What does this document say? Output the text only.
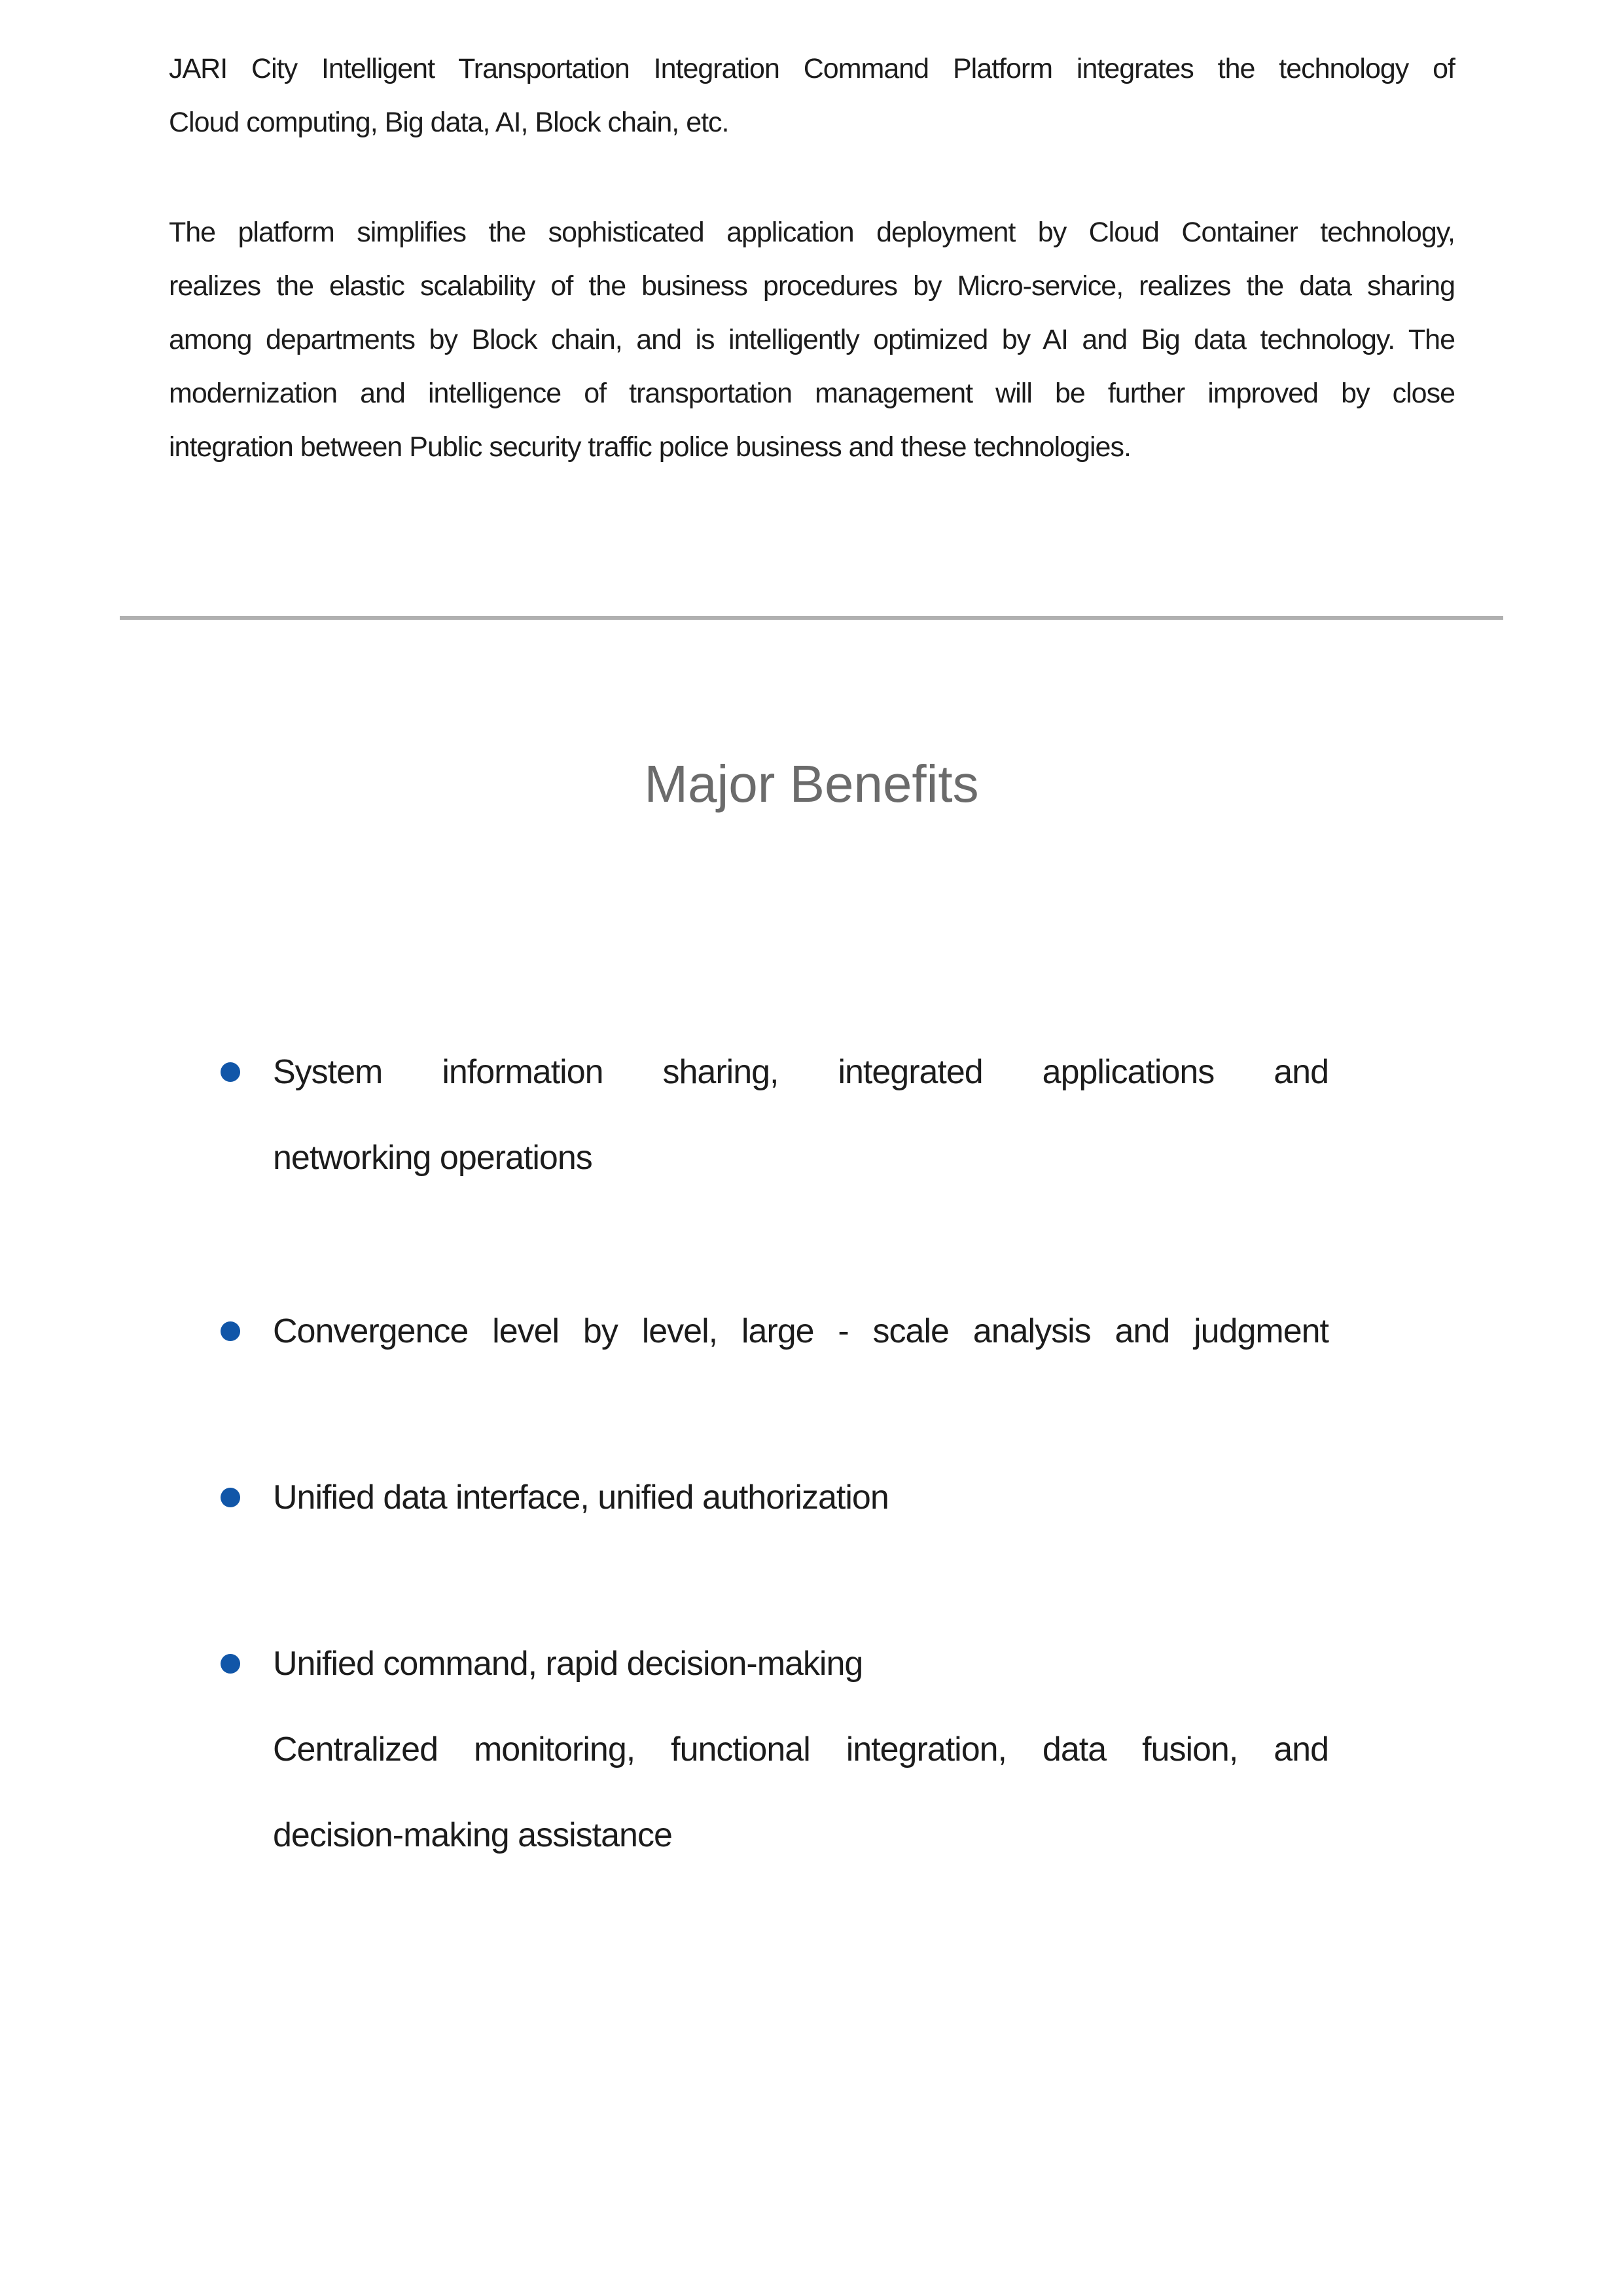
JARI City Intelligent Transportation Integration Command Platform integrates the technology of
Cloud computing, Big data, AI, Block chain, etc.
The platform simplifies the sophisticated application deployment by Cloud Container technology,
realizes the elastic scalability of the business procedures by Micro-service, realizes the data sharing
among departments by Block chain, and is intelligently optimized by AI and Big data technology. The
modernization and intelligence of transportation management will be further improved by close
integration between Public security traffic police business and these technologies.
Major Benefits
System information sharing, integrated applications and
networking operations
Convergence level by level, large - scale analysis and judgment
Unified data interface, unified authorization
Unified command, rapid decision-making
Centralized monitoring, functional integration, data fusion, and
decision-making assistance
